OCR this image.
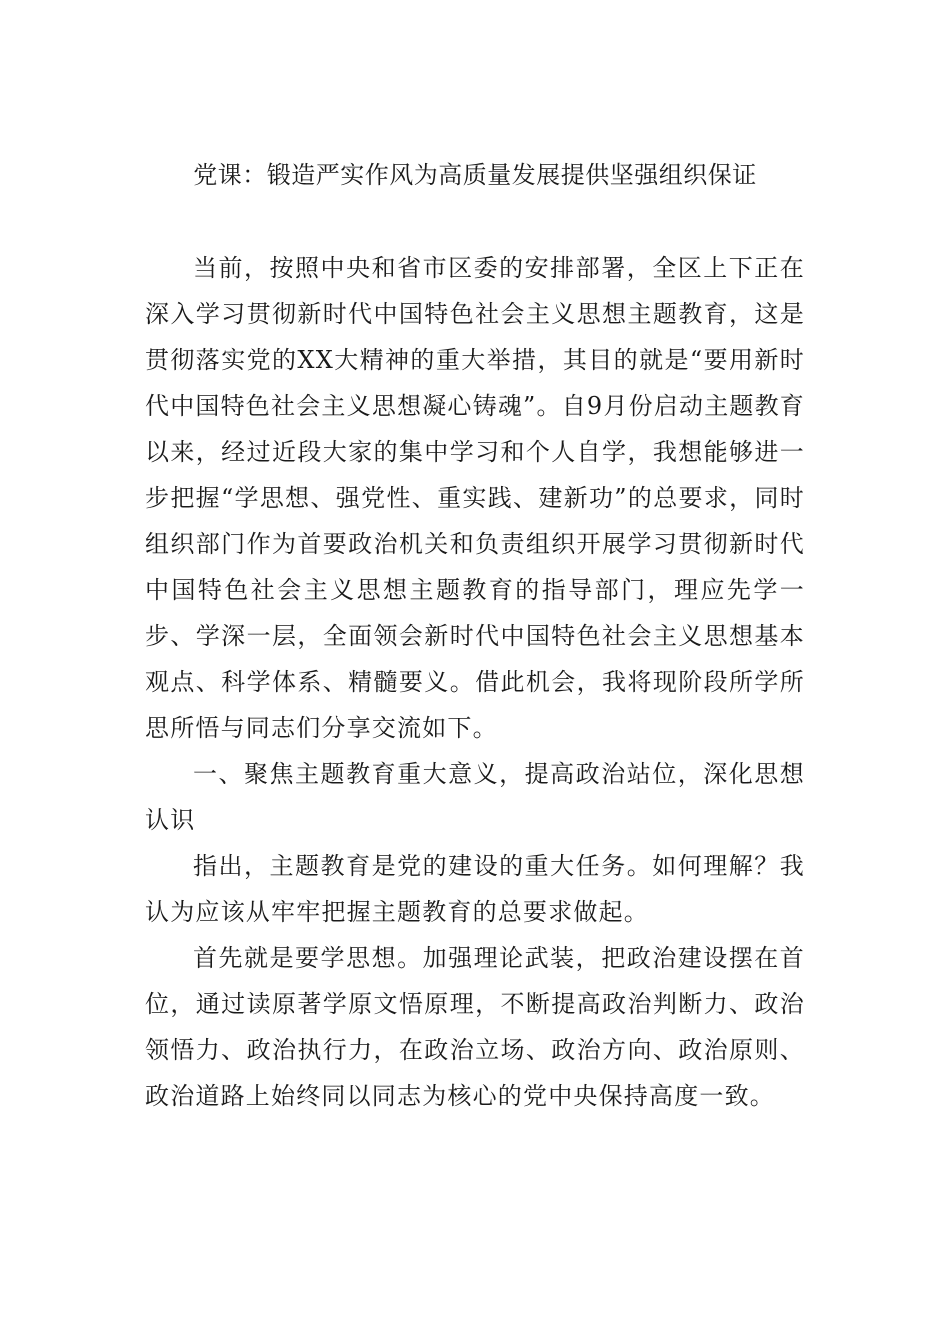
党课：锻造严实作风为高质量发展提供坚强组织保证

当前，按照中央和省市区委的安排部署，全区上下正在深入学习贯彻新时代中国特色社会主义思想主题教育，这是贯彻落实党的XX大精神的重大举措，其目的就是“要用新时代中国特色社会主义思想凝心铸魂”。自9月份启动主题教育以来，经过近段大家的集中学习和个人自学，我想能够进一步把握“学思想、强党性、重实践、建新功”的总要求，同时组织部门作为首要政治机关和负责组织开展学习贯彻新时代中国特色社会主义思想主题教育的指导部门，理应先学一步、学深一层，全面领会新时代中国特色社会主义思想基本观点、科学体系、精髓要义。借此机会，我将现阶段所学所思所悟与同志们分享交流如下。

一、聚焦主题教育重大意义，提高政治站位，深化思想认识

指出，主题教育是党的建设的重大任务。如何理解？我认为应该从牢牢把握主题教育的总要求做起。

首先就是要学思想。加强理论武装，把政治建设摆在首位，通过读原著学原文悟原理，不断提高政治判断力、政治领悟力、政治执行力，在政治立场、政治方向、政治原则、政治道路上始终同以同志为核心的党中央保持高度一致。
